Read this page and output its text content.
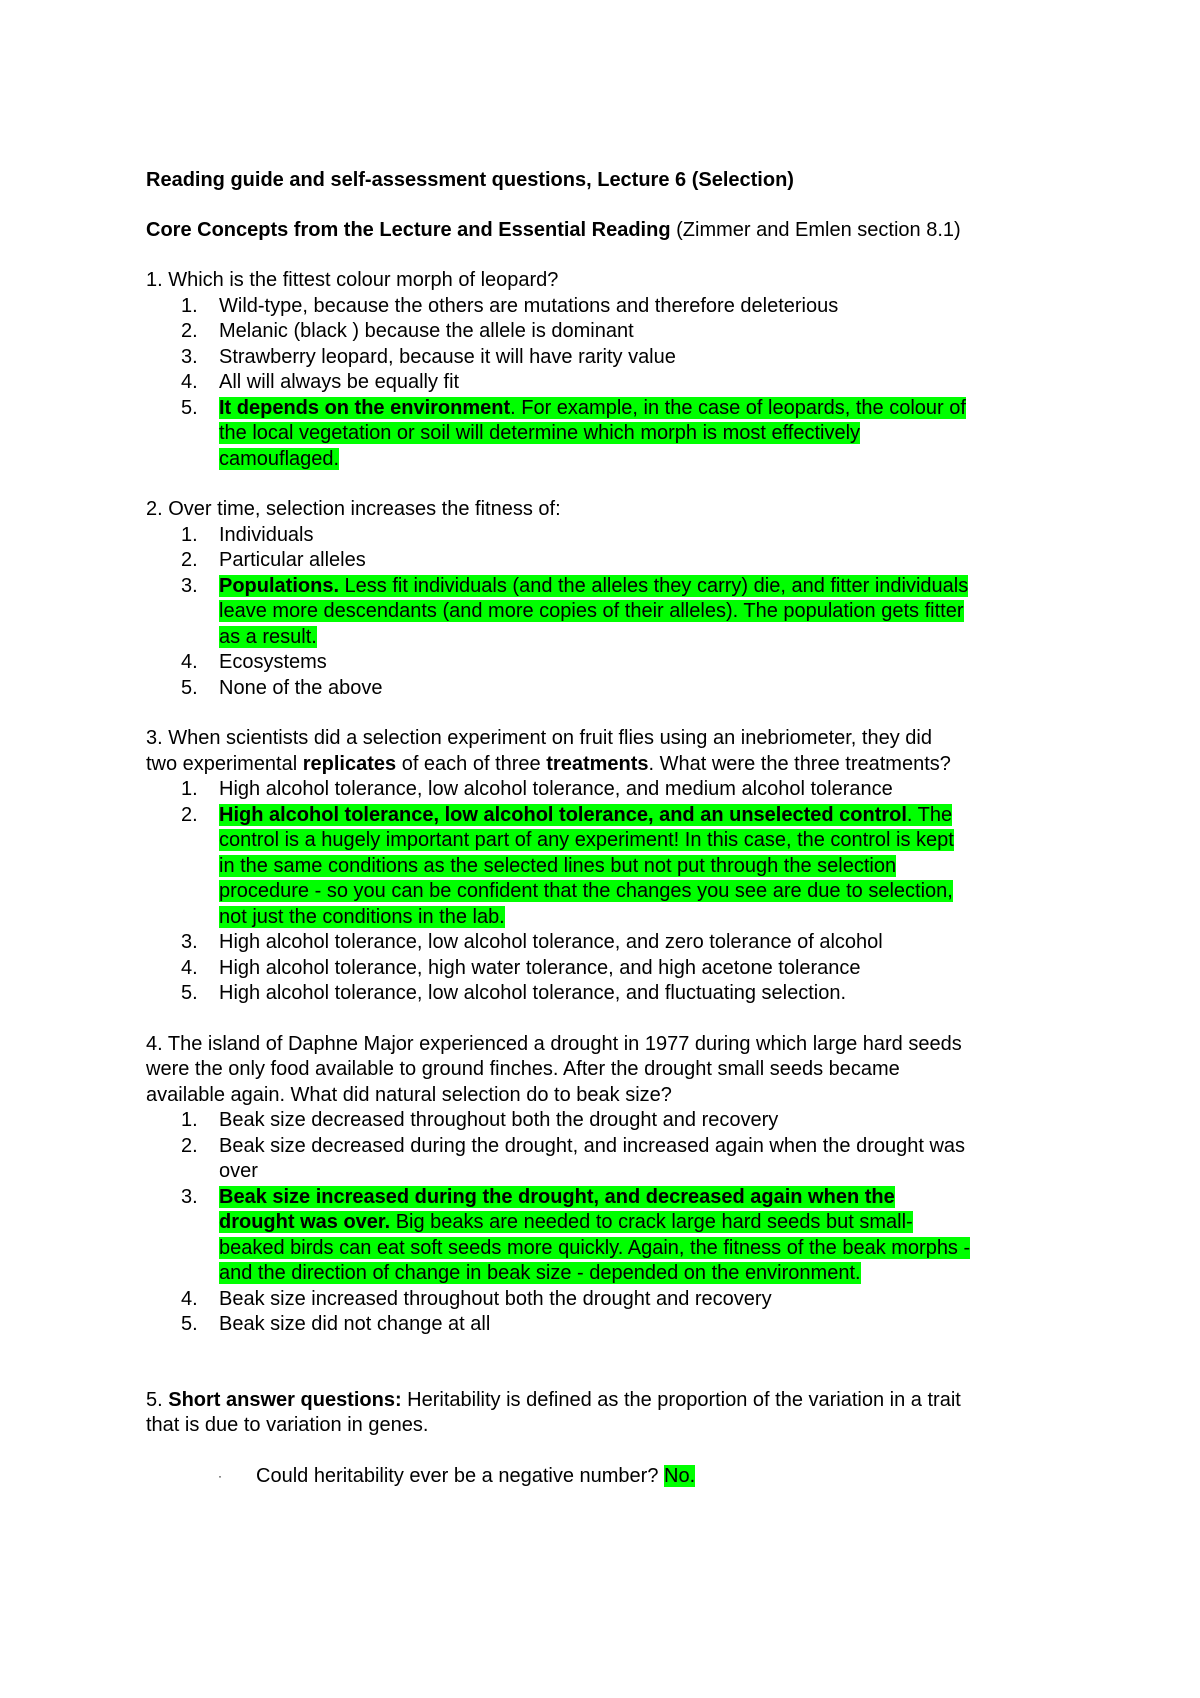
Reading guide and self-assessment questions, Lecture 6 (Selection)
Core Concepts from the Lecture and Essential Reading (Zimmer and Emlen section 8.1)
1. Which is the fittest colour morph of leopard?
1. Wild-type, because the others are mutations and therefore deleterious
2. Melanic (black ) because the allele is dominant
3. Strawberry leopard, because it will have rarity value
4. All will always be equally fit
5. It depends on the environment. For example, in the case of leopards, the colour of
the local vegetation or soil will determine which morph is most effectively
camouflaged.
2. Over time, selection increases the fitness of:
1. Individuals
2. Particular alleles
3. Populations. Less fit individuals (and the alleles they carry) die, and fitter individuals
leave more descendants (and more copies of their alleles). The population gets fitter
as a result.
4. Ecosystems
5. None of the above
3. When scientists did a selection experiment on fruit flies using an inebriometer, they did
two experimental replicates of each of three treatments. What were the three treatments?
1. High alcohol tolerance, low alcohol tolerance, and medium alcohol tolerance
2. High alcohol tolerance, low alcohol tolerance, and an unselected control. The
control is a hugely important part of any experiment! In this case, the control is kept
in the same conditions as the selected lines but not put through the selection
procedure - so you can be confident that the changes you see are due to selection,
not just the conditions in the lab.
3. High alcohol tolerance, low alcohol tolerance, and zero tolerance of alcohol
4. High alcohol tolerance, high water tolerance, and high acetone tolerance
5. High alcohol tolerance, low alcohol tolerance, and fluctuating selection.
4. The island of Daphne Major experienced a drought in 1977 during which large hard seeds
were the only food available to ground finches. After the drought small seeds became
available again. What did natural selection do to beak size?
1. Beak size decreased throughout both the drought and recovery
2. Beak size decreased during the drought, and increased again when the drought was
over
3. Beak size increased during the drought, and decreased again when the
drought was over. Big beaks are needed to crack large hard seeds but small-
beaked birds can eat soft seeds more quickly. Again, the fitness of the beak morphs -
and the direction of change in beak size - depended on the environment.
4. Beak size increased throughout both the drought and recovery
5. Beak size did not change at all
5. Short answer questions: Heritability is defined as the proportion of the variation in a trait
that is due to variation in genes.
· Could heritability ever be a negative number? No.
